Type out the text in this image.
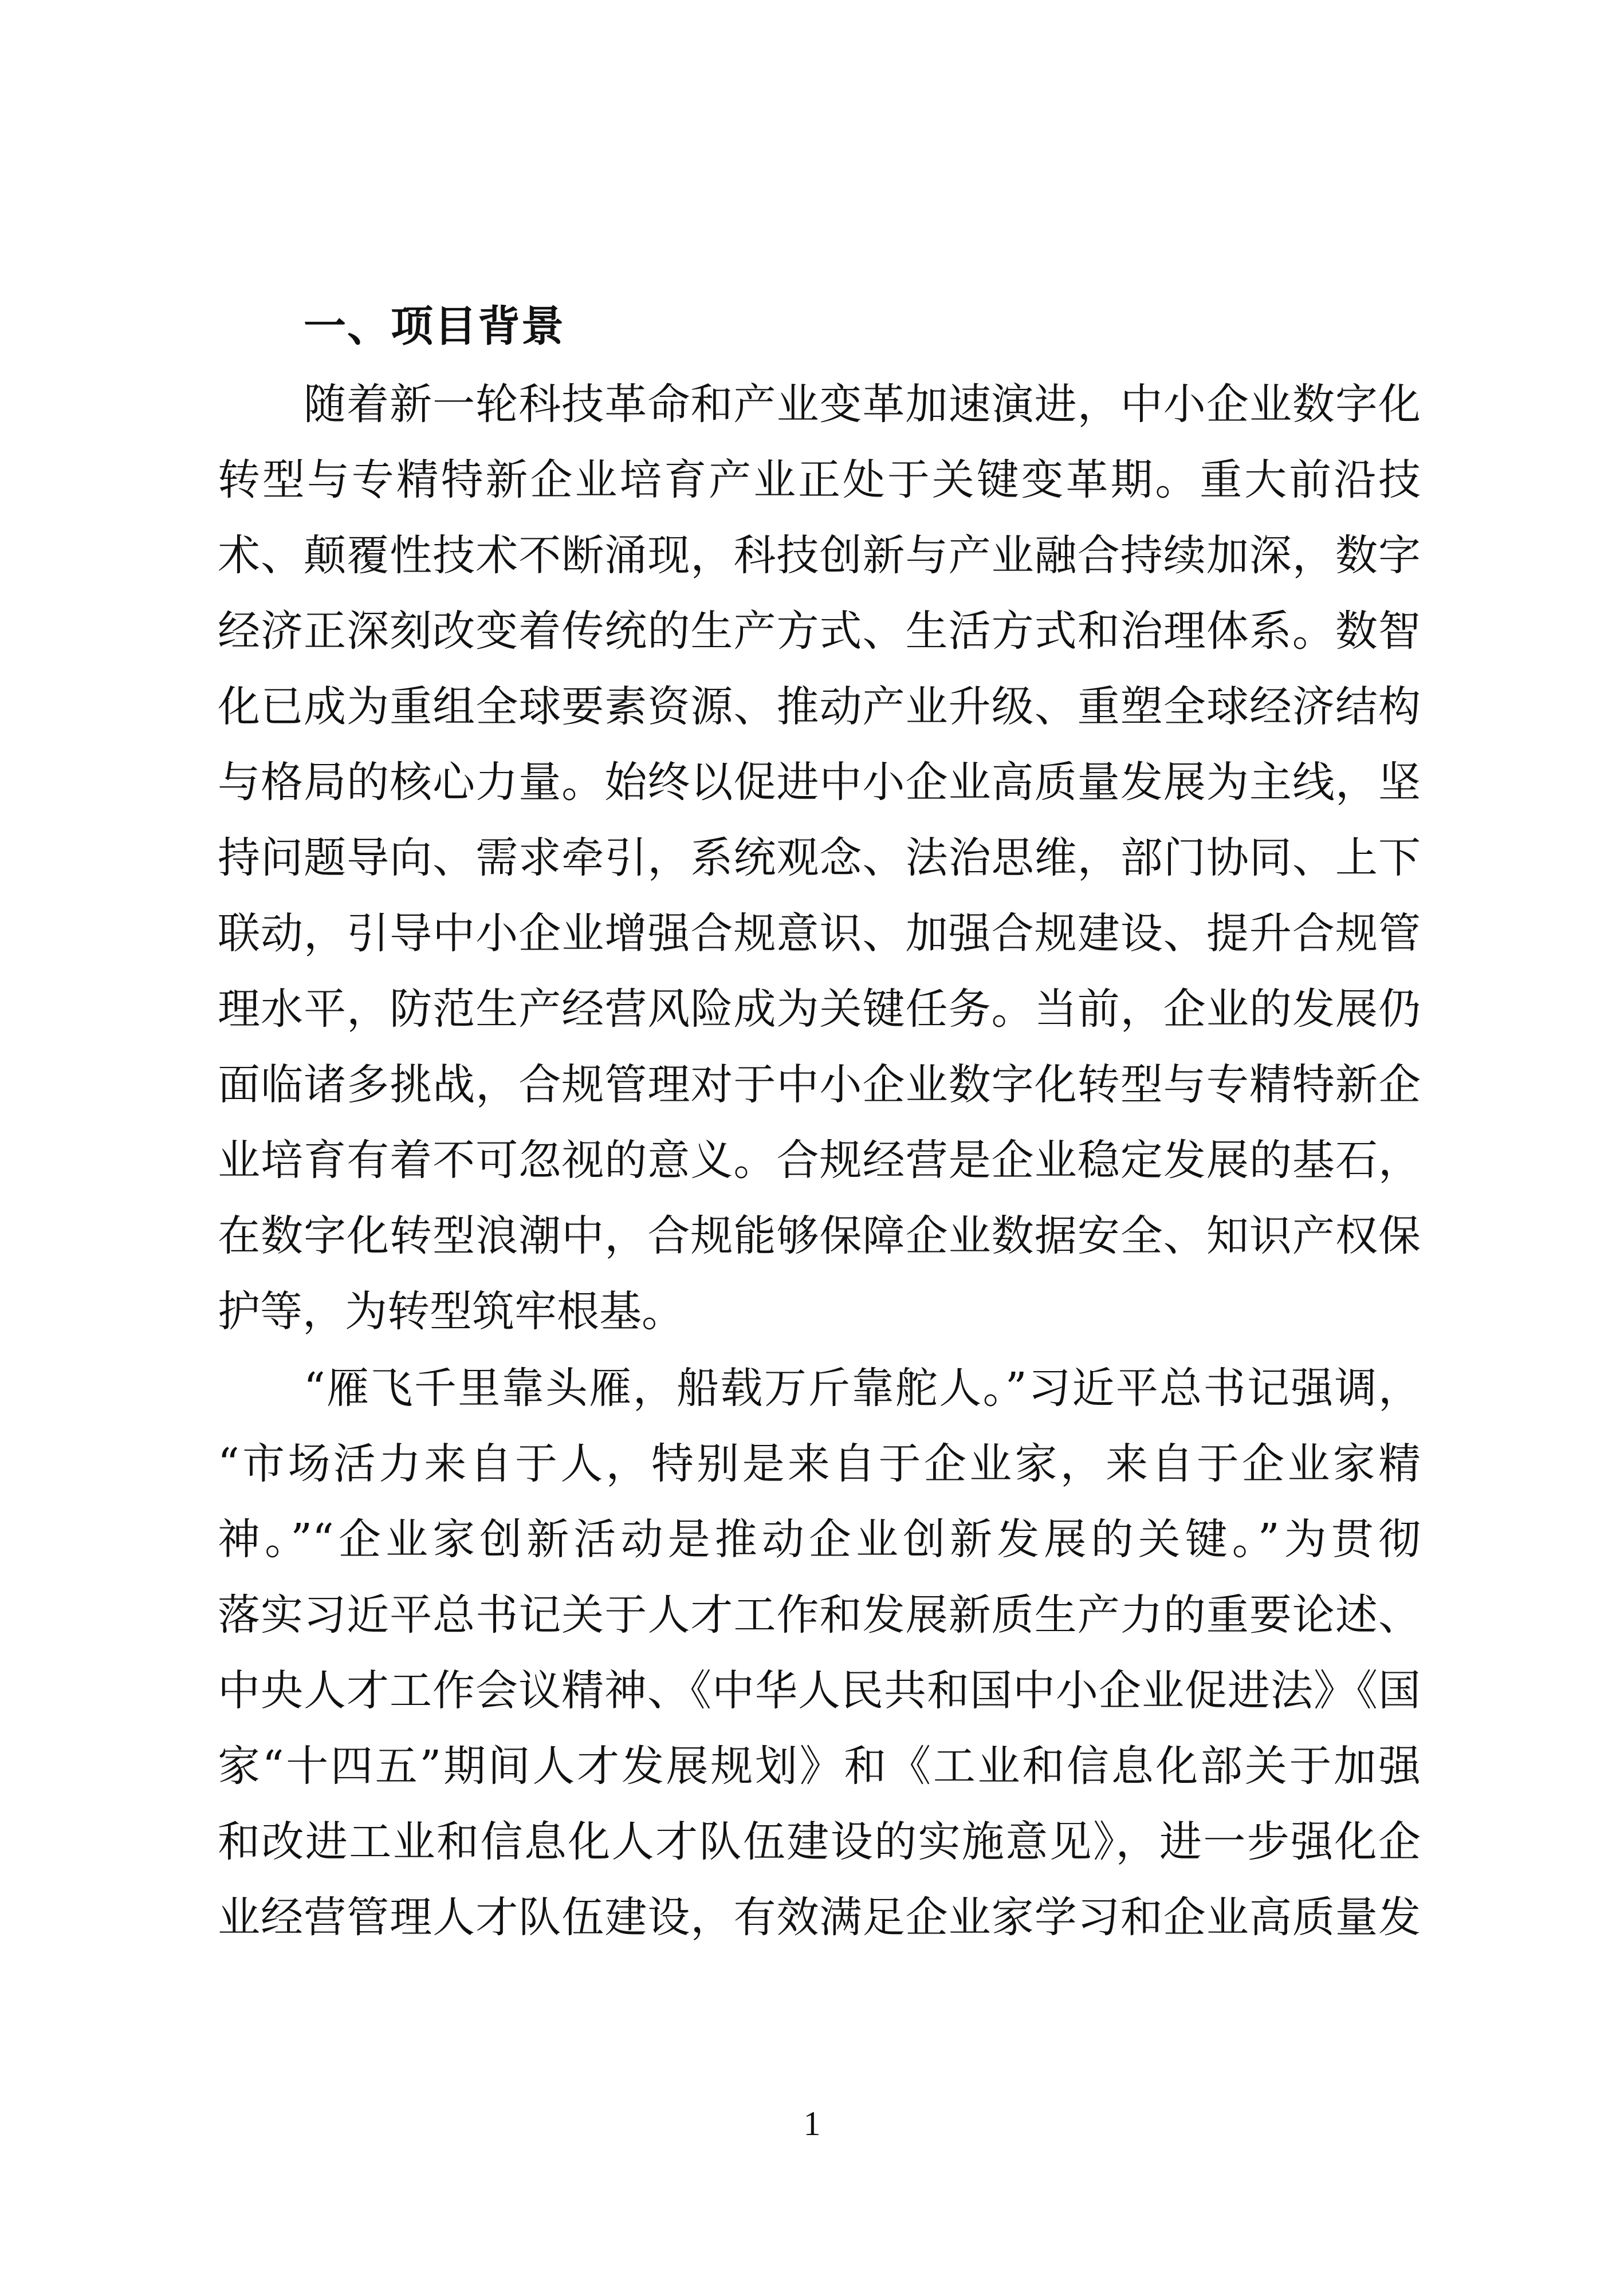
一、项目背景
随着新一轮科技革命和产业变革加速演进，中小企业数字化
转型与专精特新企业培育产业正处于关键变革期。重大前沿技
术、颠覆性技术不断涌现，科技创新与产业融合持续加深，数字
经济正深刻改变着传统的生产方式、生活方式和治理体系。数智
化已成为重组全球要素资源、推动产业升级、重塑全球经济结构
与格局的核心力量。始终以促进中小企业高质量发展为主线，坚
持问题导向、需求牵引，系统观念、法治思维，部门协同、上下
联动，引导中小企业增强合规意识、加强合规建设、提升合规管
理水平，防范生产经营风险成为关键任务。当前，企业的发展仍
面临诸多挑战，合规管理对于中小企业数字化转型与专精特新企
业培育有着不可忽视的意义。合规经营是企业稳定发展的基石，
在数字化转型浪潮中，合规能够保障企业数据安全、知识产权保
护等，为转型筑牢根基。
“雁飞千里靠头雁，船载万斤靠舵人。”习近平总书记强调，
“市场活力来自于人，特别是来自于企业家，来自于企业家精
神。”“企业家创新活动是推动企业创新发展的关键。”为贯彻
落实习近平总书记关于人才工作和发展新质生产力的重要论述、
中央人才工作会议精神、《中华人民共和国中小企业促进法》《国
家“十四五”期间人才发展规划》和《工业和信息化部关于加强
和改进工业和信息化人才队伍建设的实施意见》，进一步强化企
业经营管理人才队伍建设，有效满足企业家学习和企业高质量发
1
